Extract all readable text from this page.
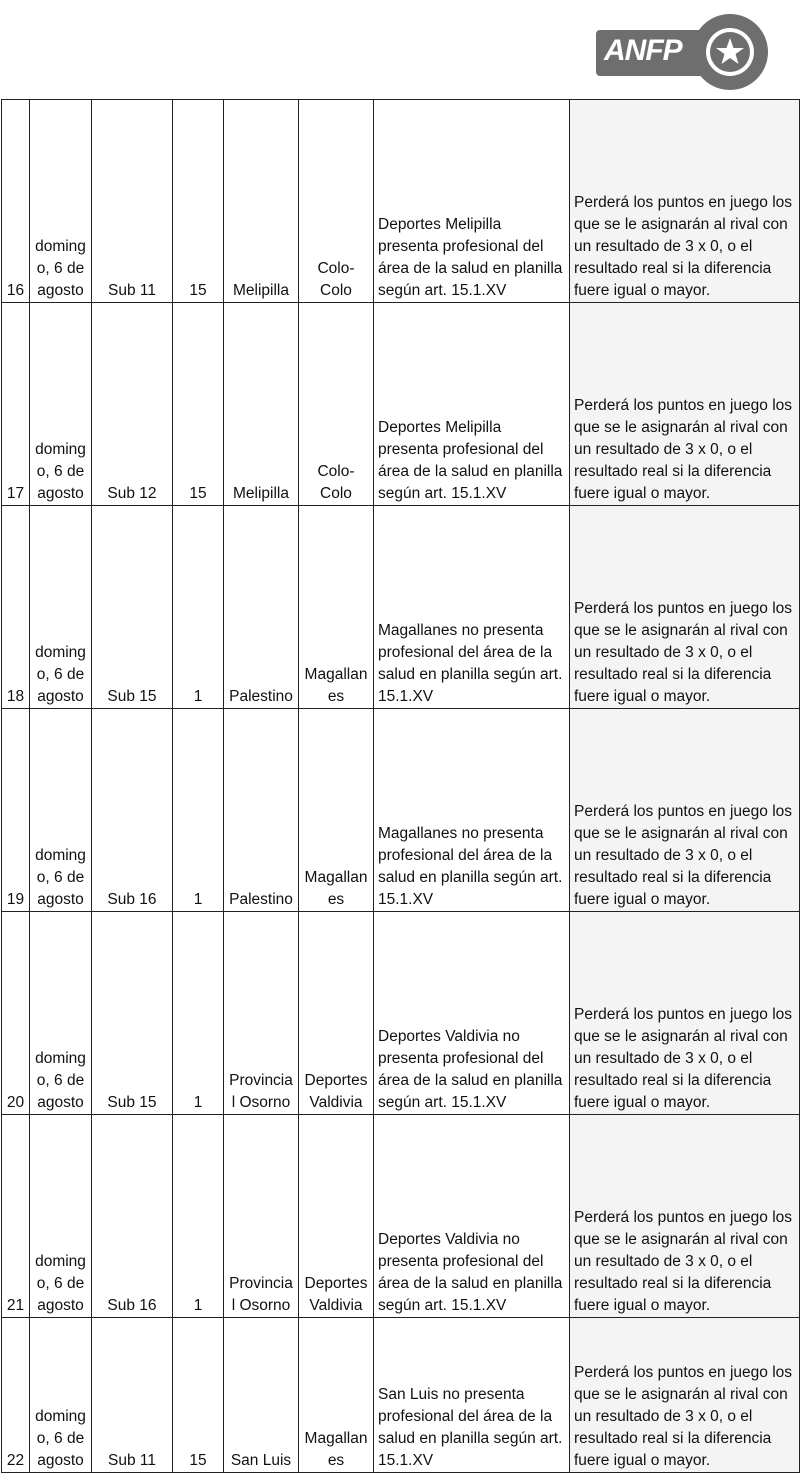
ANFP
16	domingo, 6 de agosto	Sub 11	15	Melipilla	Colo-Colo	Deportes Melipilla presenta profesional del área de la salud en planilla según art. 15.1.XV	Perderá los puntos en juego los que se le asignarán al rival con un resultado de 3 x 0, o el resultado real si la diferencia fuere igual o mayor.
17	domingo, 6 de agosto	Sub 12	15	Melipilla	Colo-Colo	Deportes Melipilla presenta profesional del área de la salud en planilla según art. 15.1.XV	Perderá los puntos en juego los que se le asignarán al rival con un resultado de 3 x 0, o el resultado real si la diferencia fuere igual o mayor.
18	domingo, 6 de agosto	Sub 15	1	Palestino	Magallanes	Magallanes no presenta profesional del área de la salud en planilla según art. 15.1.XV	Perderá los puntos en juego los que se le asignarán al rival con un resultado de 3 x 0, o el resultado real si la diferencia fuere igual o mayor.
19	domingo, 6 de agosto	Sub 16	1	Palestino	Magallanes	Magallanes no presenta profesional del área de la salud en planilla según art. 15.1.XV	Perderá los puntos en juego los que se le asignarán al rival con un resultado de 3 x 0, o el resultado real si la diferencia fuere igual o mayor.
20	domingo, 6 de agosto	Sub 15	1	Provincial Osorno	Deportes Valdivia	Deportes Valdivia no presenta profesional del área de la salud en planilla según art. 15.1.XV	Perderá los puntos en juego los que se le asignarán al rival con un resultado de 3 x 0, o el resultado real si la diferencia fuere igual o mayor.
21	domingo, 6 de agosto	Sub 16	1	Provincial Osorno	Deportes Valdivia	Deportes Valdivia no presenta profesional del área de la salud en planilla según art. 15.1.XV	Perderá los puntos en juego los que se le asignarán al rival con un resultado de 3 x 0, o el resultado real si la diferencia fuere igual o mayor.
22	domingo, 6 de agosto	Sub 11	15	San Luis	Magallanes	San Luis no presenta profesional del área de la salud en planilla según art. 15.1.XV	Perderá los puntos en juego los que se le asignarán al rival con un resultado de 3 x 0, o el resultado real si la diferencia fuere igual o mayor.
